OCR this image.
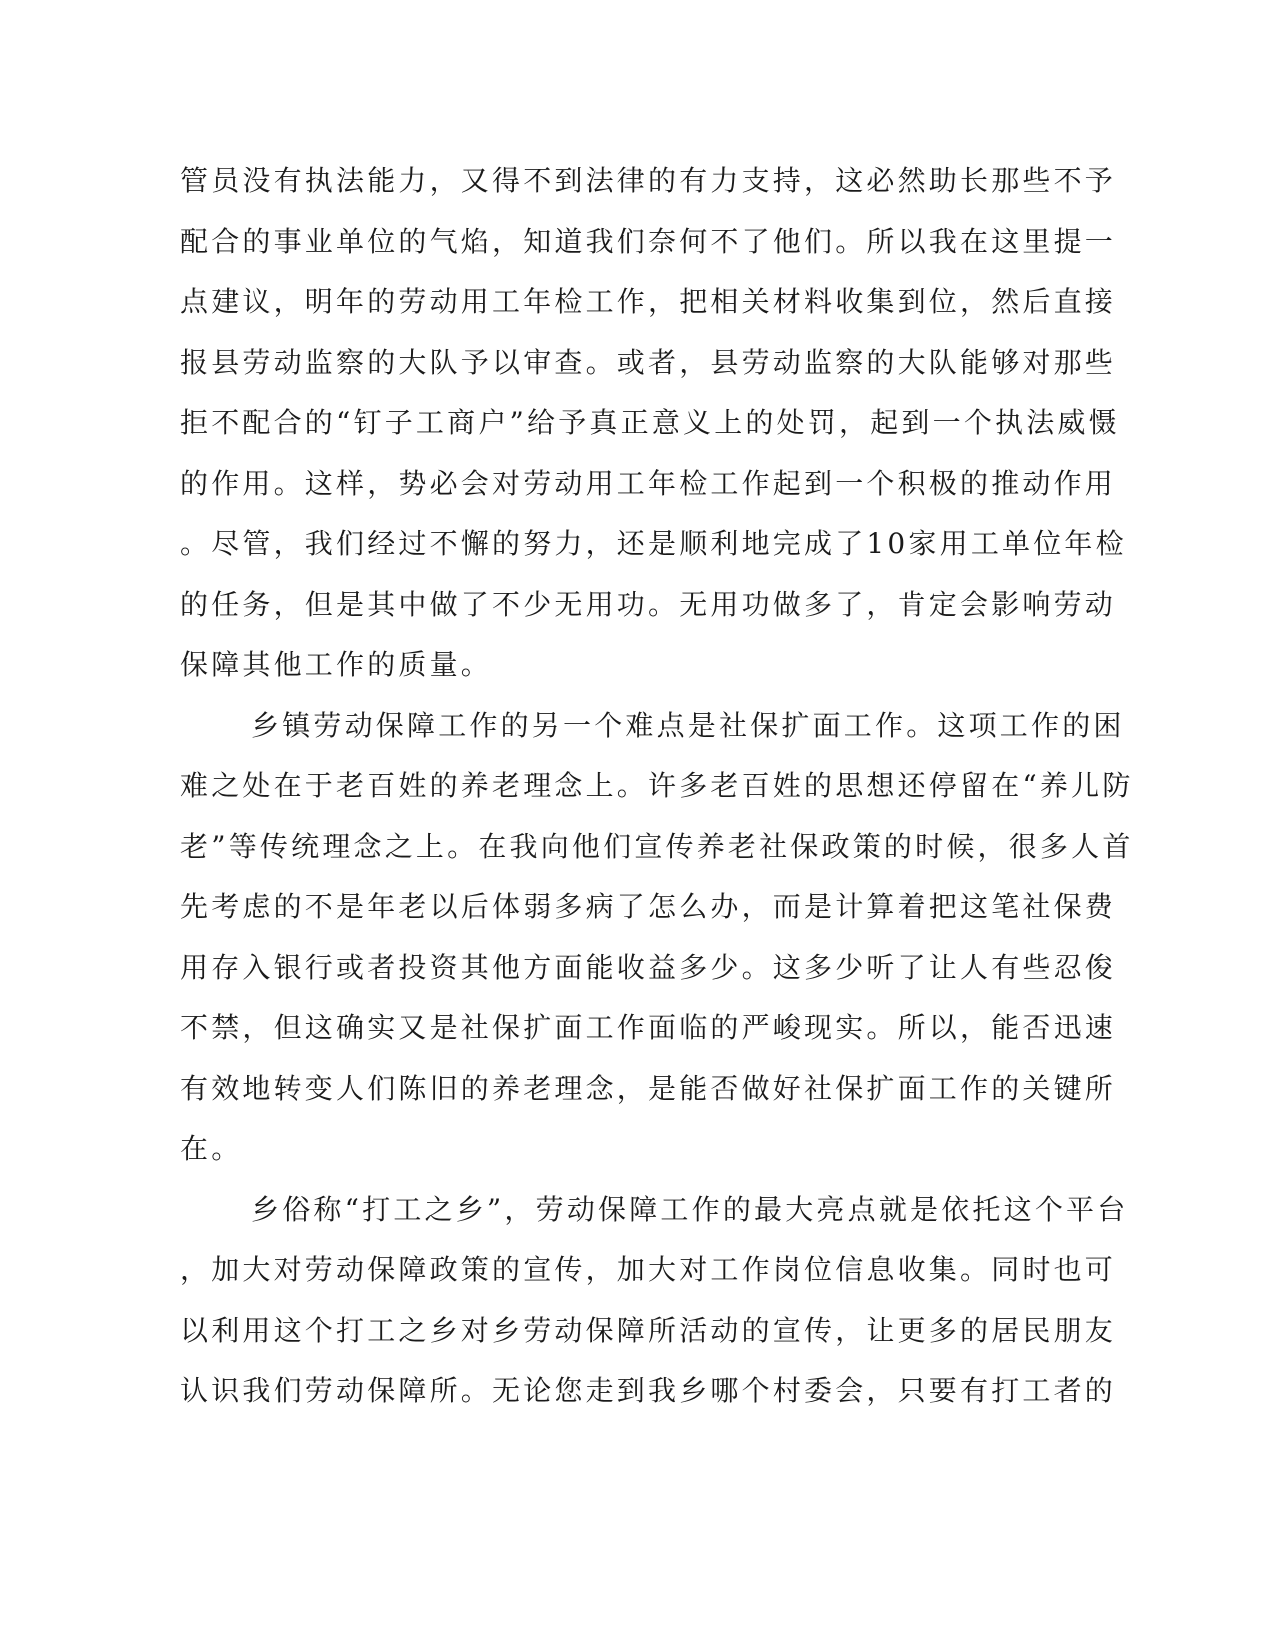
管员没有执法能力，又得不到法律的有力支持，这必然助长那些不予
配合的事业单位的气焰，知道我们奈何不了他们。所以我在这里提一
点建议，明年的劳动用工年检工作，把相关材料收集到位，然后直接
报县劳动监察的大队予以审查。或者，县劳动监察的大队能够对那些
拒不配合的“钉子工商户”给予真正意义上的处罚，起到一个执法威慑
的作用。这样，势必会对劳动用工年检工作起到一个积极的推动作用
。尽管，我们经过不懈的努力，还是顺利地完成了10家用工单位年检
的任务，但是其中做了不少无用功。无用功做多了，肯定会影响劳动
保障其他工作的质量。
乡镇劳动保障工作的另一个难点是社保扩面工作。这项工作的困
难之处在于老百姓的养老理念上。许多老百姓的思想还停留在“养儿防
老”等传统理念之上。在我向他们宣传养老社保政策的时候，很多人首
先考虑的不是年老以后体弱多病了怎么办，而是计算着把这笔社保费
用存入银行或者投资其他方面能收益多少。这多少听了让人有些忍俊
不禁，但这确实又是社保扩面工作面临的严峻现实。所以，能否迅速
有效地转变人们陈旧的养老理念，是能否做好社保扩面工作的关键所
在。
乡俗称“打工之乡”，劳动保障工作的最大亮点就是依托这个平台
，加大对劳动保障政策的宣传，加大对工作岗位信息收集。同时也可
以利用这个打工之乡对乡劳动保障所活动的宣传，让更多的居民朋友
认识我们劳动保障所。无论您走到我乡哪个村委会，只要有打工者的
